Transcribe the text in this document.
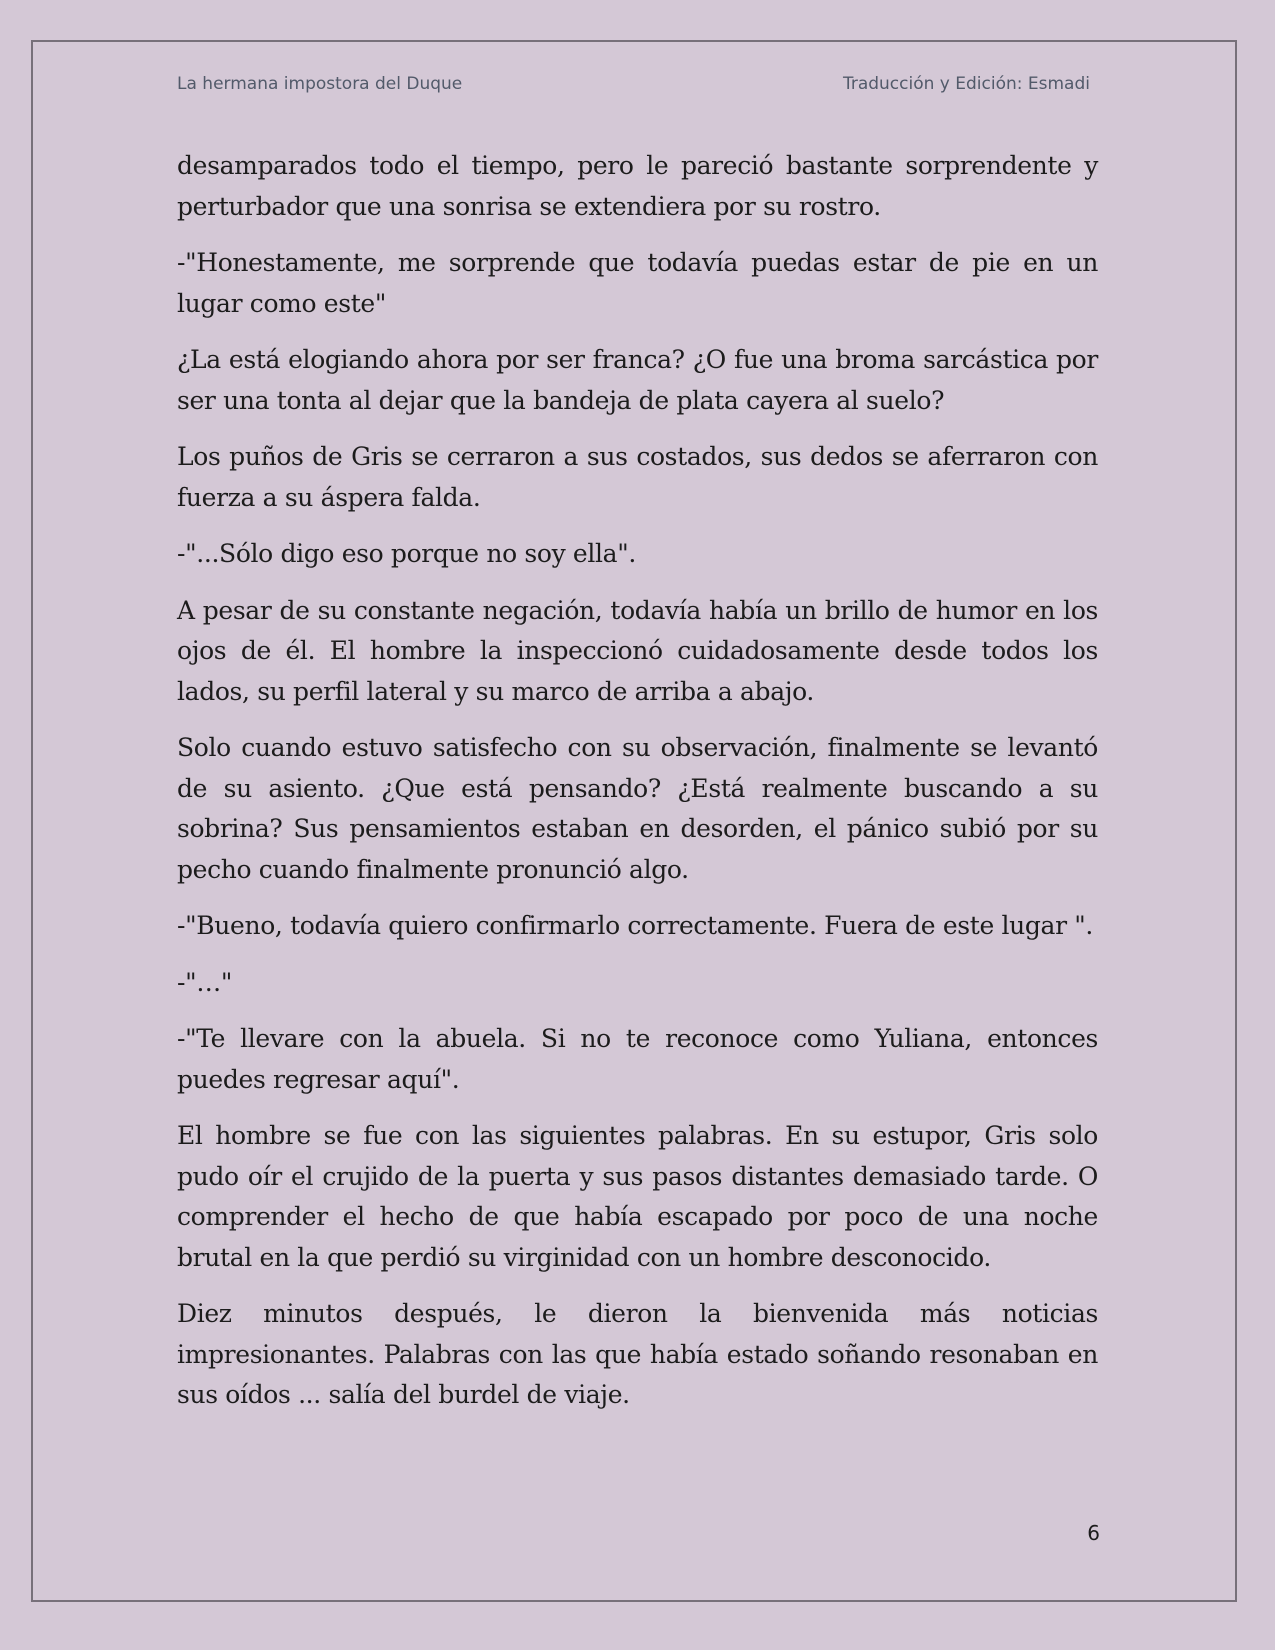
La hermana impostora del Duque	Traducción y Edición: Esmadi

desamparados todo el tiempo, pero le pareció bastante sorprendente y perturbador que una sonrisa se extendiera por su rostro.

-"Honestamente, me sorprende que todavía puedas estar de pie en un lugar como este"

¿La está elogiando ahora por ser franca? ¿O fue una broma sarcástica por ser una tonta al dejar que la bandeja de plata cayera al suelo?

Los puños de Gris se cerraron a sus costados, sus dedos se aferraron con fuerza a su áspera falda.

-"...Sólo digo eso porque no soy ella".

A pesar de su constante negación, todavía había un brillo de humor en los ojos de él. El hombre la inspeccionó cuidadosamente desde todos los lados, su perfil lateral y su marco de arriba a abajo.

Solo cuando estuvo satisfecho con su observación, finalmente se levantó de su asiento. ¿Que está pensando? ¿Está realmente buscando a su sobrina? Sus pensamientos estaban en desorden, el pánico subió por su pecho cuando finalmente pronunció algo.

-"Bueno, todavía quiero confirmarlo correctamente. Fuera de este lugar ".

-"…"

-"Te llevare con la abuela. Si no te reconoce como Yuliana, entonces puedes regresar aquí".

El hombre se fue con las siguientes palabras. En su estupor, Gris solo pudo oír el crujido de la puerta y sus pasos distantes demasiado tarde. O comprender el hecho de que había escapado por poco de una noche brutal en la que perdió su virginidad con un hombre desconocido.

Diez minutos después, le dieron la bienvenida más noticias impresionantes. Palabras con las que había estado soñando resonaban en sus oídos ... salía del burdel de viaje.

6
